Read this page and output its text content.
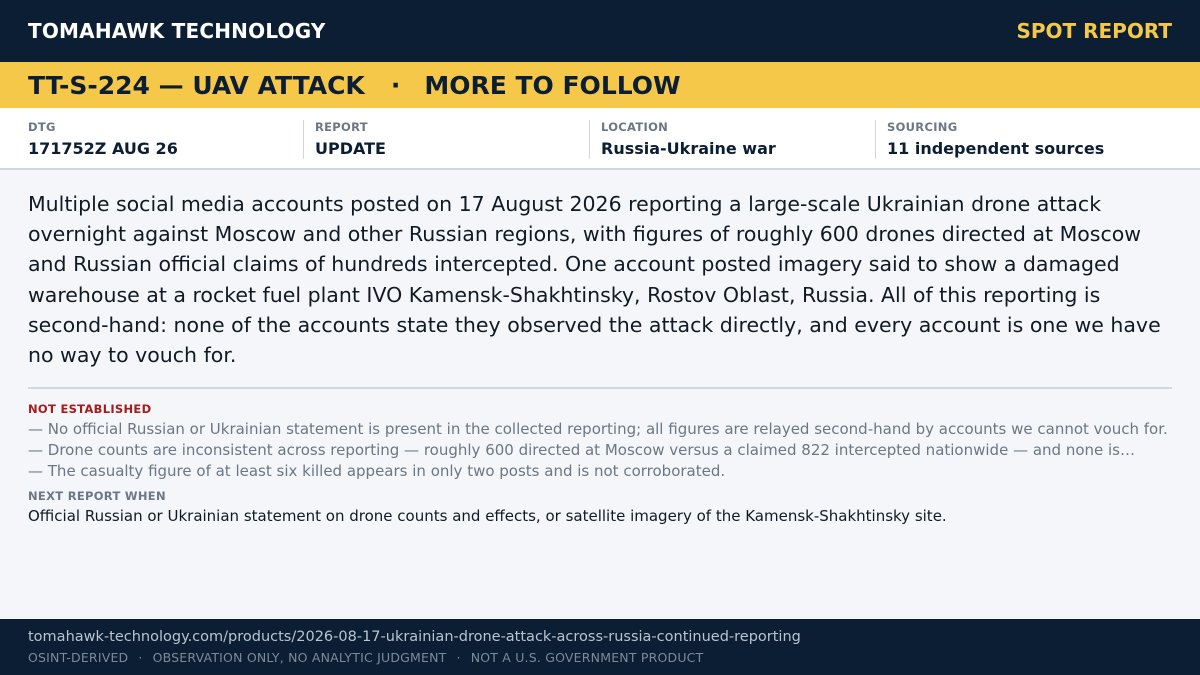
TOMAHAWK TECHNOLOGY	SPOT REPORT
TT-S-224 — UAV ATTACK · MORE TO FOLLOW
DTG
171752Z AUG 26
REPORT
UPDATE
LOCATION
Russia-Ukraine war
SOURCING
11 independent sources
Multiple social media accounts posted on 17 August 2026 reporting a large-scale Ukrainian drone attack overnight against Moscow and other Russian regions, with figures of roughly 600 drones directed at Moscow and Russian official claims of hundreds intercepted. One account posted imagery said to show a damaged warehouse at a rocket fuel plant IVO Kamensk-Shakhtinsky, Rostov Oblast, Russia. All of this reporting is second-hand: none of the accounts state they observed the attack directly, and every account is one we have no way to vouch for.
NOT ESTABLISHED
— No official Russian or Ukrainian statement is present in the collected reporting; all figures are relayed second-hand by accounts we cannot vouch for.
— Drone counts are inconsistent across reporting — roughly 600 directed at Moscow versus a claimed 822 intercepted nationwide — and none is…
— The casualty figure of at least six killed appears in only two posts and is not corroborated.
NEXT REPORT WHEN
Official Russian or Ukrainian statement on drone counts and effects, or satellite imagery of the Kamensk-Shakhtinsky site.
tomahawk-technology.com/products/2026-08-17-ukrainian-drone-attack-across-russia-continued-reporting
OSINT-DERIVED · OBSERVATION ONLY, NO ANALYTIC JUDGMENT · NOT A U.S. GOVERNMENT PRODUCT
